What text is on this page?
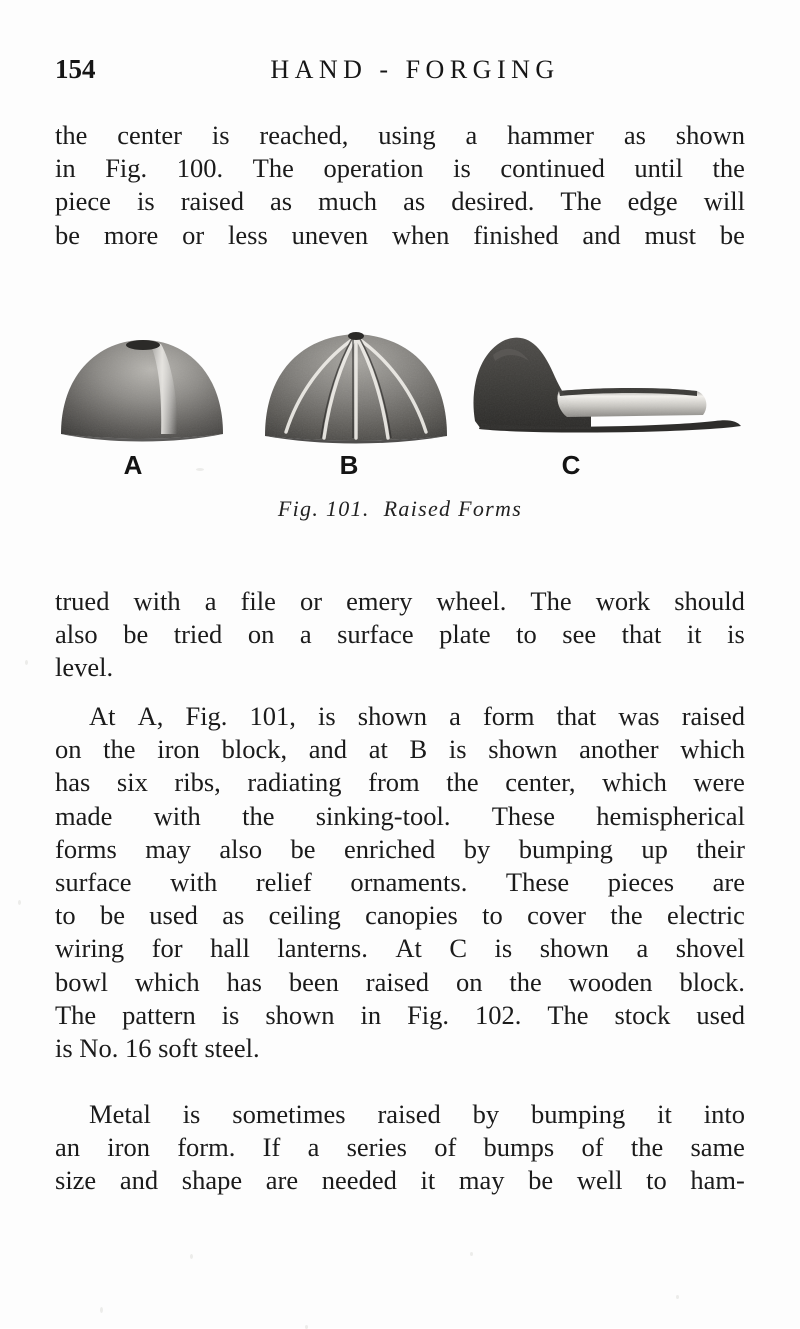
154	HAND - FORGING
the center is reached, using a hammer as shown
in Fig. 100. The operation is continued until the
piece is raised as much as desired. The edge will
be more or less uneven when finished and must be
A	B	C
Fig. 101. Raised Forms
trued with a file or emery wheel. The work should
also be tried on a surface plate to see that it is
level.
At A, Fig. 101, is shown a form that was raised
on the iron block, and at B is shown another which
has six ribs, radiating from the center, which were
made with the sinking-tool. These hemispherical
forms may also be enriched by bumping up their
surface with relief ornaments. These pieces are
to be used as ceiling canopies to cover the electric
wiring for hall lanterns. At C is shown a shovel
bowl which has been raised on the wooden block.
The pattern is shown in Fig. 102. The stock used
is No. 16 soft steel.
Metal is sometimes raised by bumping it into
an iron form. If a series of bumps of the same
size and shape are needed it may be well to ham-
